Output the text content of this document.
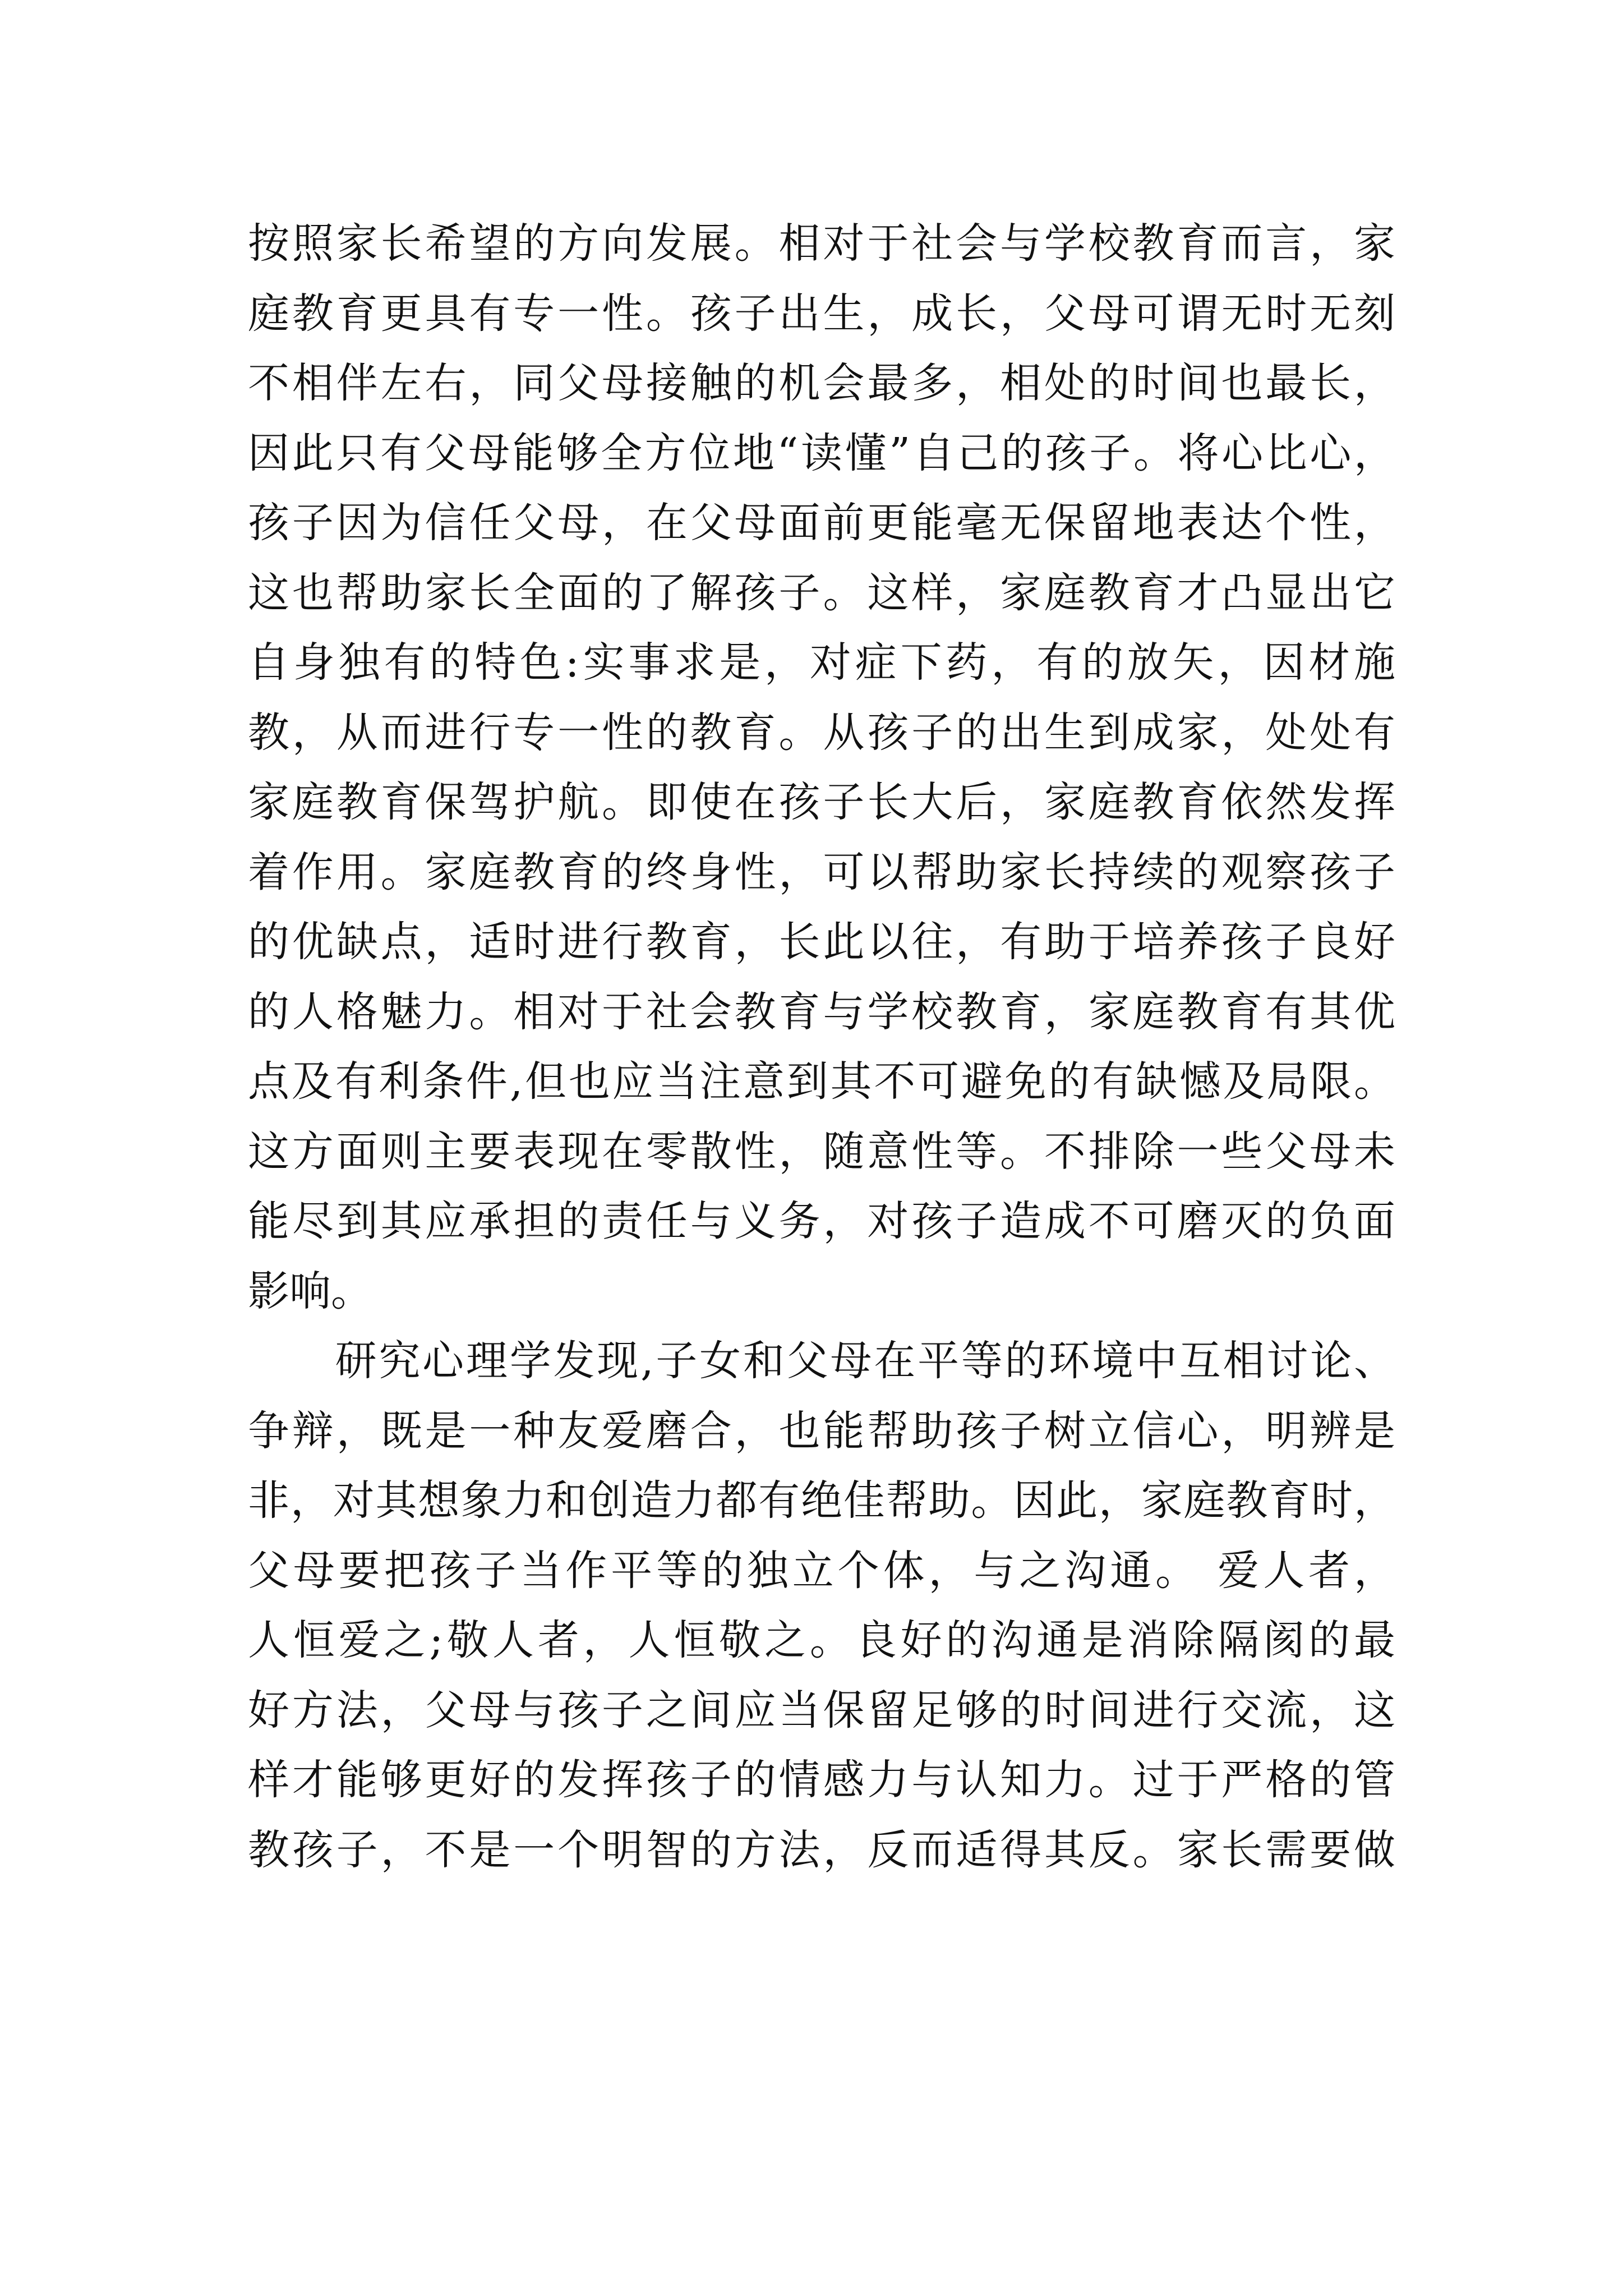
按照家长希望的方向发展。相对于社会与学校教育而言，家
庭教育更具有专一性。孩子出生，成长，父母可谓无时无刻
不相伴左右，同父母接触的机会最多，相处的时间也最长，
因此只有父母能够全方位地“读懂”自己的孩子。将心比心，
孩子因为信任父母，在父母面前更能毫无保留地表达个性，
这也帮助家长全面的了解孩子。这样，家庭教育才凸显出它
自身独有的特色:实事求是，对症下药，有的放矢，因材施
教，从而进行专一性的教育。从孩子的出生到成家，处处有
家庭教育保驾护航。即使在孩子长大后，家庭教育依然发挥
着作用。家庭教育的终身性，可以帮助家长持续的观察孩子
的优缺点，适时进行教育，长此以往，有助于培养孩子良好
的人格魅力。相对于社会教育与学校教育，家庭教育有其优
点及有利条件,但也应当注意到其不可避免的有缺憾及局限。
这方面则主要表现在零散性，随意性等。不排除一些父母未
能尽到其应承担的责任与义务，对孩子造成不可磨灭的负面
影响。
　　研究心理学发现,子女和父母在平等的环境中互相讨论、
争辩，既是一种友爱磨合，也能帮助孩子树立信心，明辨是
非，对其想象力和创造力都有绝佳帮助。因此，家庭教育时，
父母要把孩子当作平等的独立个体，与之沟通。 爱人者，
人恒爱之;敬人者，人恒敬之。良好的沟通是消除隔阂的最
好方法，父母与孩子之间应当保留足够的时间进行交流，这
样才能够更好的发挥孩子的情感力与认知力。过于严格的管
教孩子，不是一个明智的方法，反而适得其反。家长需要做
